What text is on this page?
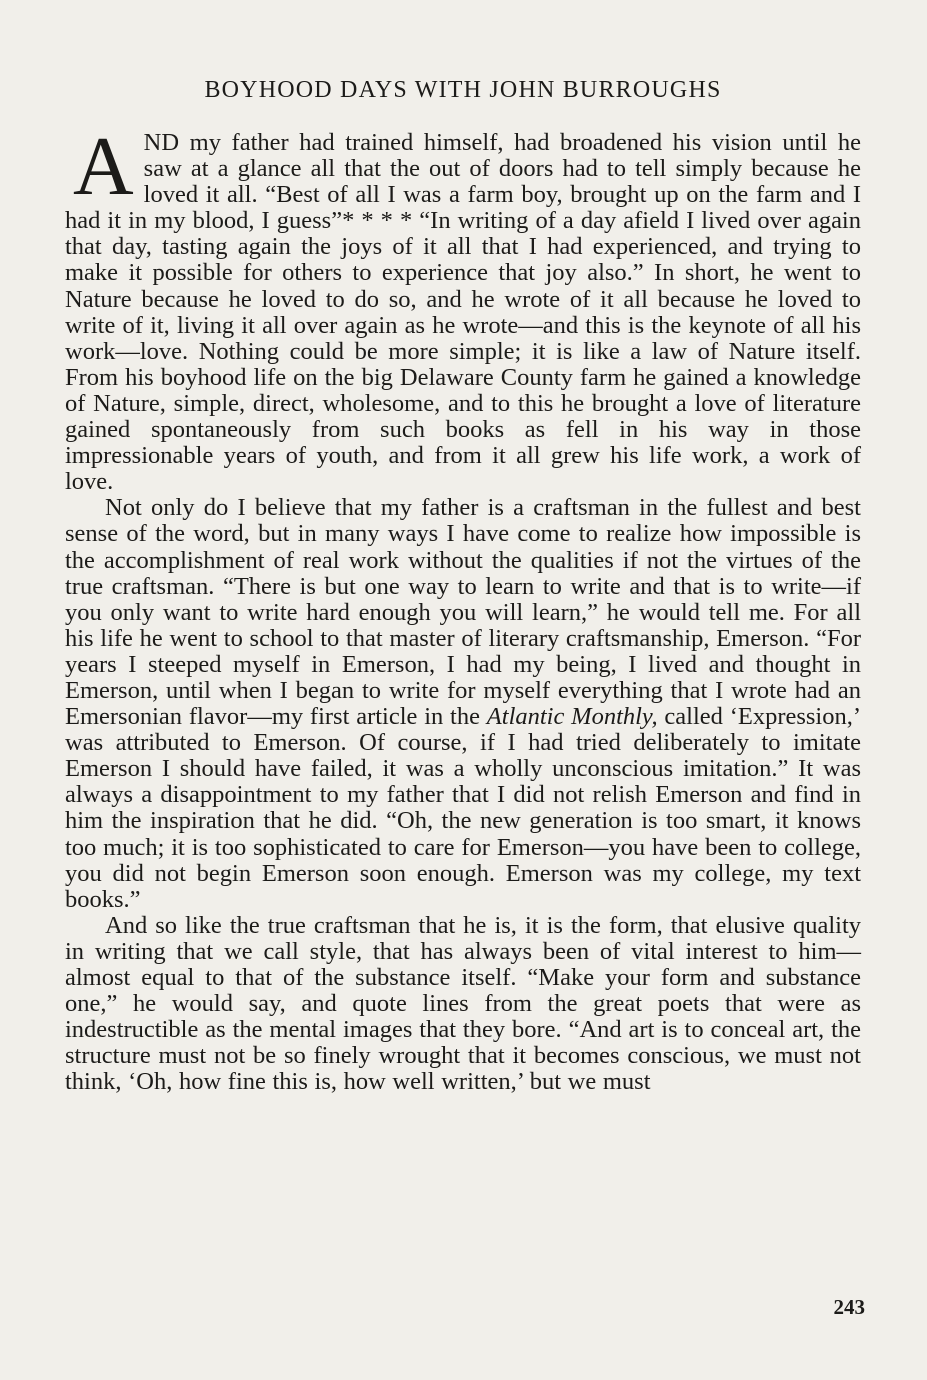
BOYHOOD DAYS WITH JOHN BURROUGHS

AND my father had trained himself, had broadened his vision until he saw at a glance all that the out of doors had to tell simply because he loved it all. “Best of all I was a farm boy, brought up on the farm and I had it in my blood, I guess”* * * * “In writing of a day afield I lived over again that day, tasting again the joys of it all that I had experienced, and trying to make it possible for others to experience that joy also.” In short, he went to Nature because he loved to do so, and he wrote of it all because he loved to write of it, living it all over again as he wrote—and this is the keynote of all his work—love. Nothing could be more simple; it is like a law of Nature itself. From his boyhood life on the big Delaware County farm he gained a knowledge of Nature, simple, direct, wholesome, and to this he brought a love of literature gained spontaneously from such books as fell in his way in those impressionable years of youth, and from it all grew his life work, a work of love.

Not only do I believe that my father is a craftsman in the fullest and best sense of the word, but in many ways I have come to realize how impossible is the accomplishment of real work without the qualities if not the virtues of the true craftsman. “There is but one way to learn to write and that is to write—if you only want to write hard enough you will learn,” he would tell me. For all his life he went to school to that master of literary craftsmanship, Emerson. “For years I steeped myself in Emerson, I had my being, I lived and thought in Emerson, until when I began to write for myself everything that I wrote had an Emersonian flavor—my first article in the Atlantic Monthly, called ‘Expression,’ was attributed to Emerson. Of course, if I had tried deliberately to imitate Emerson I should have failed, it was a wholly unconscious imitation.” It was always a disappointment to my father that I did not relish Emerson and find in him the inspiration that he did. “Oh, the new generation is too smart, it knows too much; it is too sophisticated to care for Emerson—you have been to college, you did not begin Emerson soon enough. Emerson was my college, my text books.”

And so like the true craftsman that he is, it is the form, that elusive quality in writing that we call style, that has always been of vital interest to him—almost equal to that of the substance itself. “Make your form and substance one,” he would say, and quote lines from the great poets that were as indestructible as the mental images that they bore. “And art is to conceal art, the structure must not be so finely wrought that it becomes conscious, we must not think, ‘Oh, how fine this is, how well written,’ but we must

243
